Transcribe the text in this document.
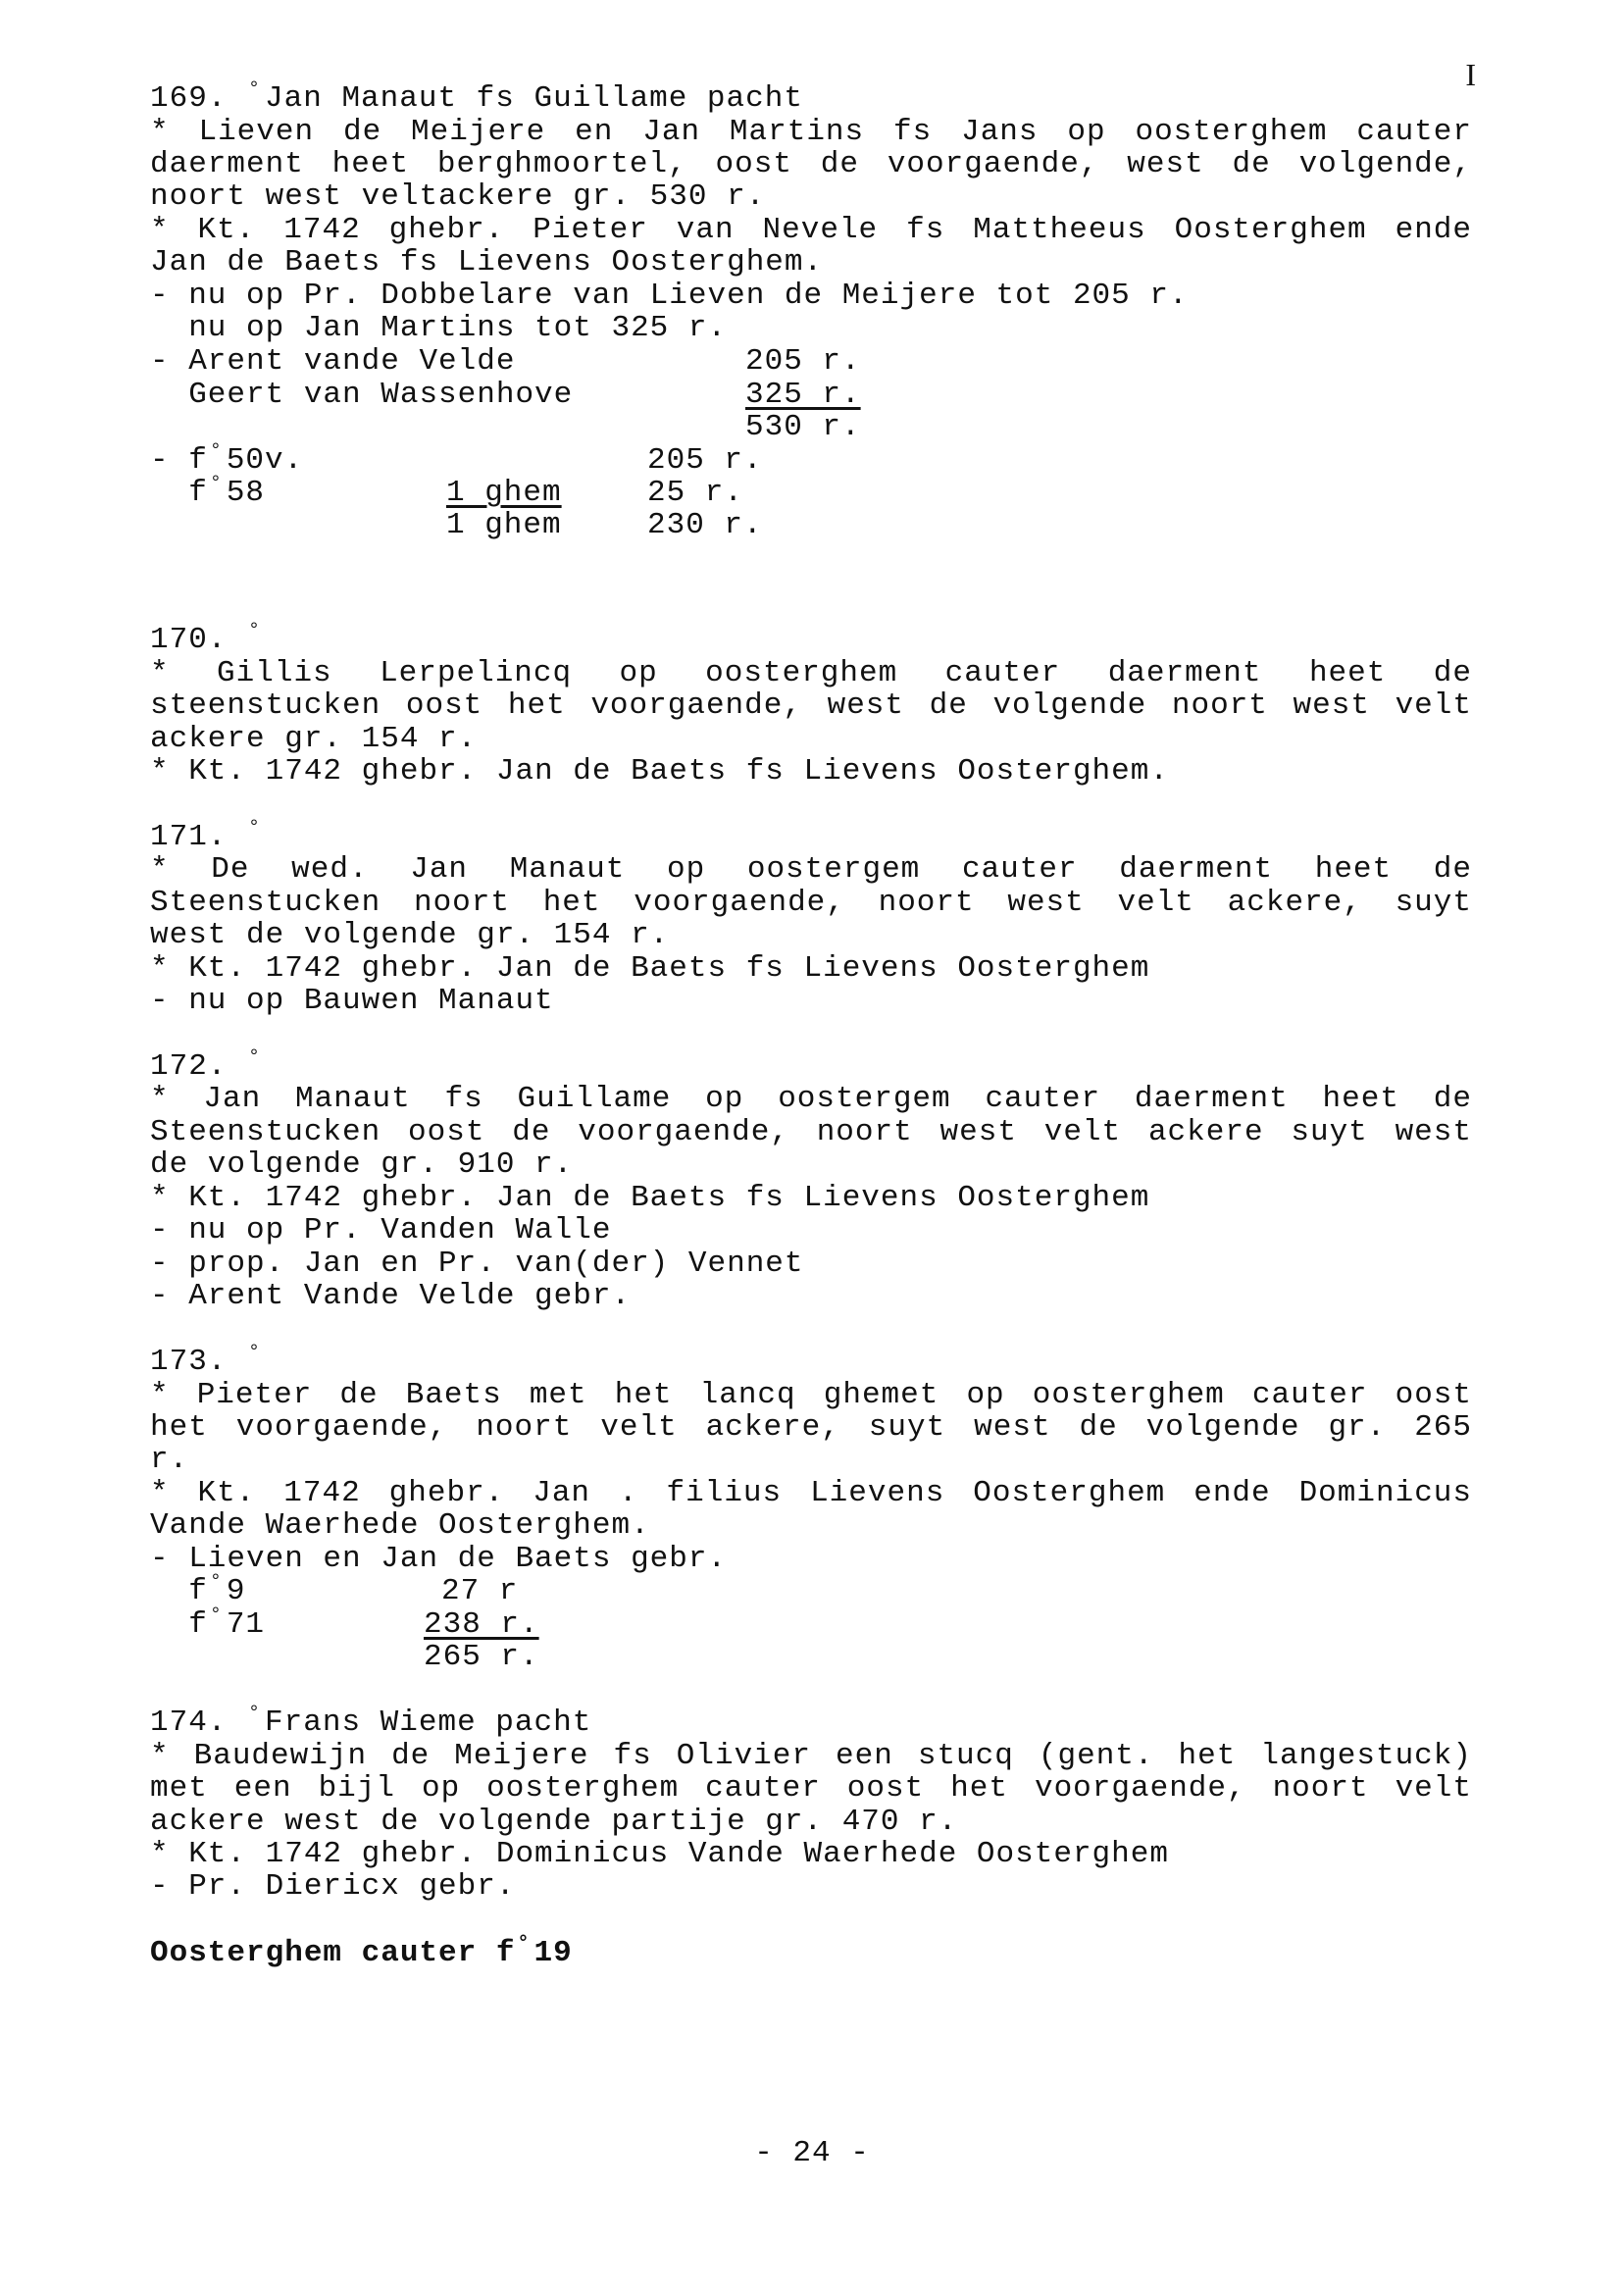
I
169. ° Jan Manaut fs Guillame pacht
* Lieven de Meijere en Jan Martins fs Jans op oosterghem cauter
daerment heet berghmoortel, oost de voorgaende, west de volgende,
noort west veltackere gr. 530 r.
* Kt. 1742 ghebr. Pieter van Nevele fs Mattheeus Oosterghem ende
Jan de Baets fs Lievens Oosterghem.
- nu op Pr. Dobbelare van Lieven de Meijere tot 205 r.
nu op Jan Martins tot 325 r.
- Arent vande Velde	205 r.
Geert van Wassenhove	325 r.
530 r.
- f ° 50v.	205 r.
f ° 58	1 ghem	25 r.
1 ghem	230 r.
170. °
* Gillis Lerpelincq op oosterghem cauter daerment heet de
steenstucken oost het voorgaende, west de volgende noort west velt
ackere gr. 154 r.
* Kt. 1742 ghebr. Jan de Baets fs Lievens Oosterghem.
171. °
* De wed. Jan Manaut op oostergem cauter daerment heet de
Steenstucken noort het voorgaende, noort west velt ackere, suyt
west de volgende gr. 154 r.
* Kt. 1742 ghebr. Jan de Baets fs Lievens Oosterghem
- nu op Bauwen Manaut
172. °
* Jan Manaut fs Guillame op oostergem cauter daerment heet de
Steenstucken oost de voorgaende, noort west velt ackere suyt west
de volgende gr. 910 r.
* Kt. 1742 ghebr. Jan de Baets fs Lievens Oosterghem
- nu op Pr. Vanden Walle
- prop. Jan en Pr. van(der) Vennet
- Arent Vande Velde gebr.
173. °
* Pieter de Baets met het lancq ghemet op oosterghem cauter oost
het voorgaende, noort velt ackere, suyt west de volgende gr. 265
r.
* Kt. 1742 ghebr. Jan . filius Lievens Oosterghem ende Dominicus
Vande Waerhede Oosterghem.
- Lieven en Jan de Baets gebr.
f ° 9	27 r
f ° 71	238 r.
265 r.
174. ° Frans Wieme pacht
* Baudewijn de Meijere fs Olivier een stucq (gent. het langestuck)
met een bijl op oosterghem cauter oost het voorgaende, noort velt
ackere west de volgende partije gr. 470 r.
* Kt. 1742 ghebr. Dominicus Vande Waerhede Oosterghem
- Pr. Diericx gebr.
Oosterghem cauter f ° 19
- 24 -
